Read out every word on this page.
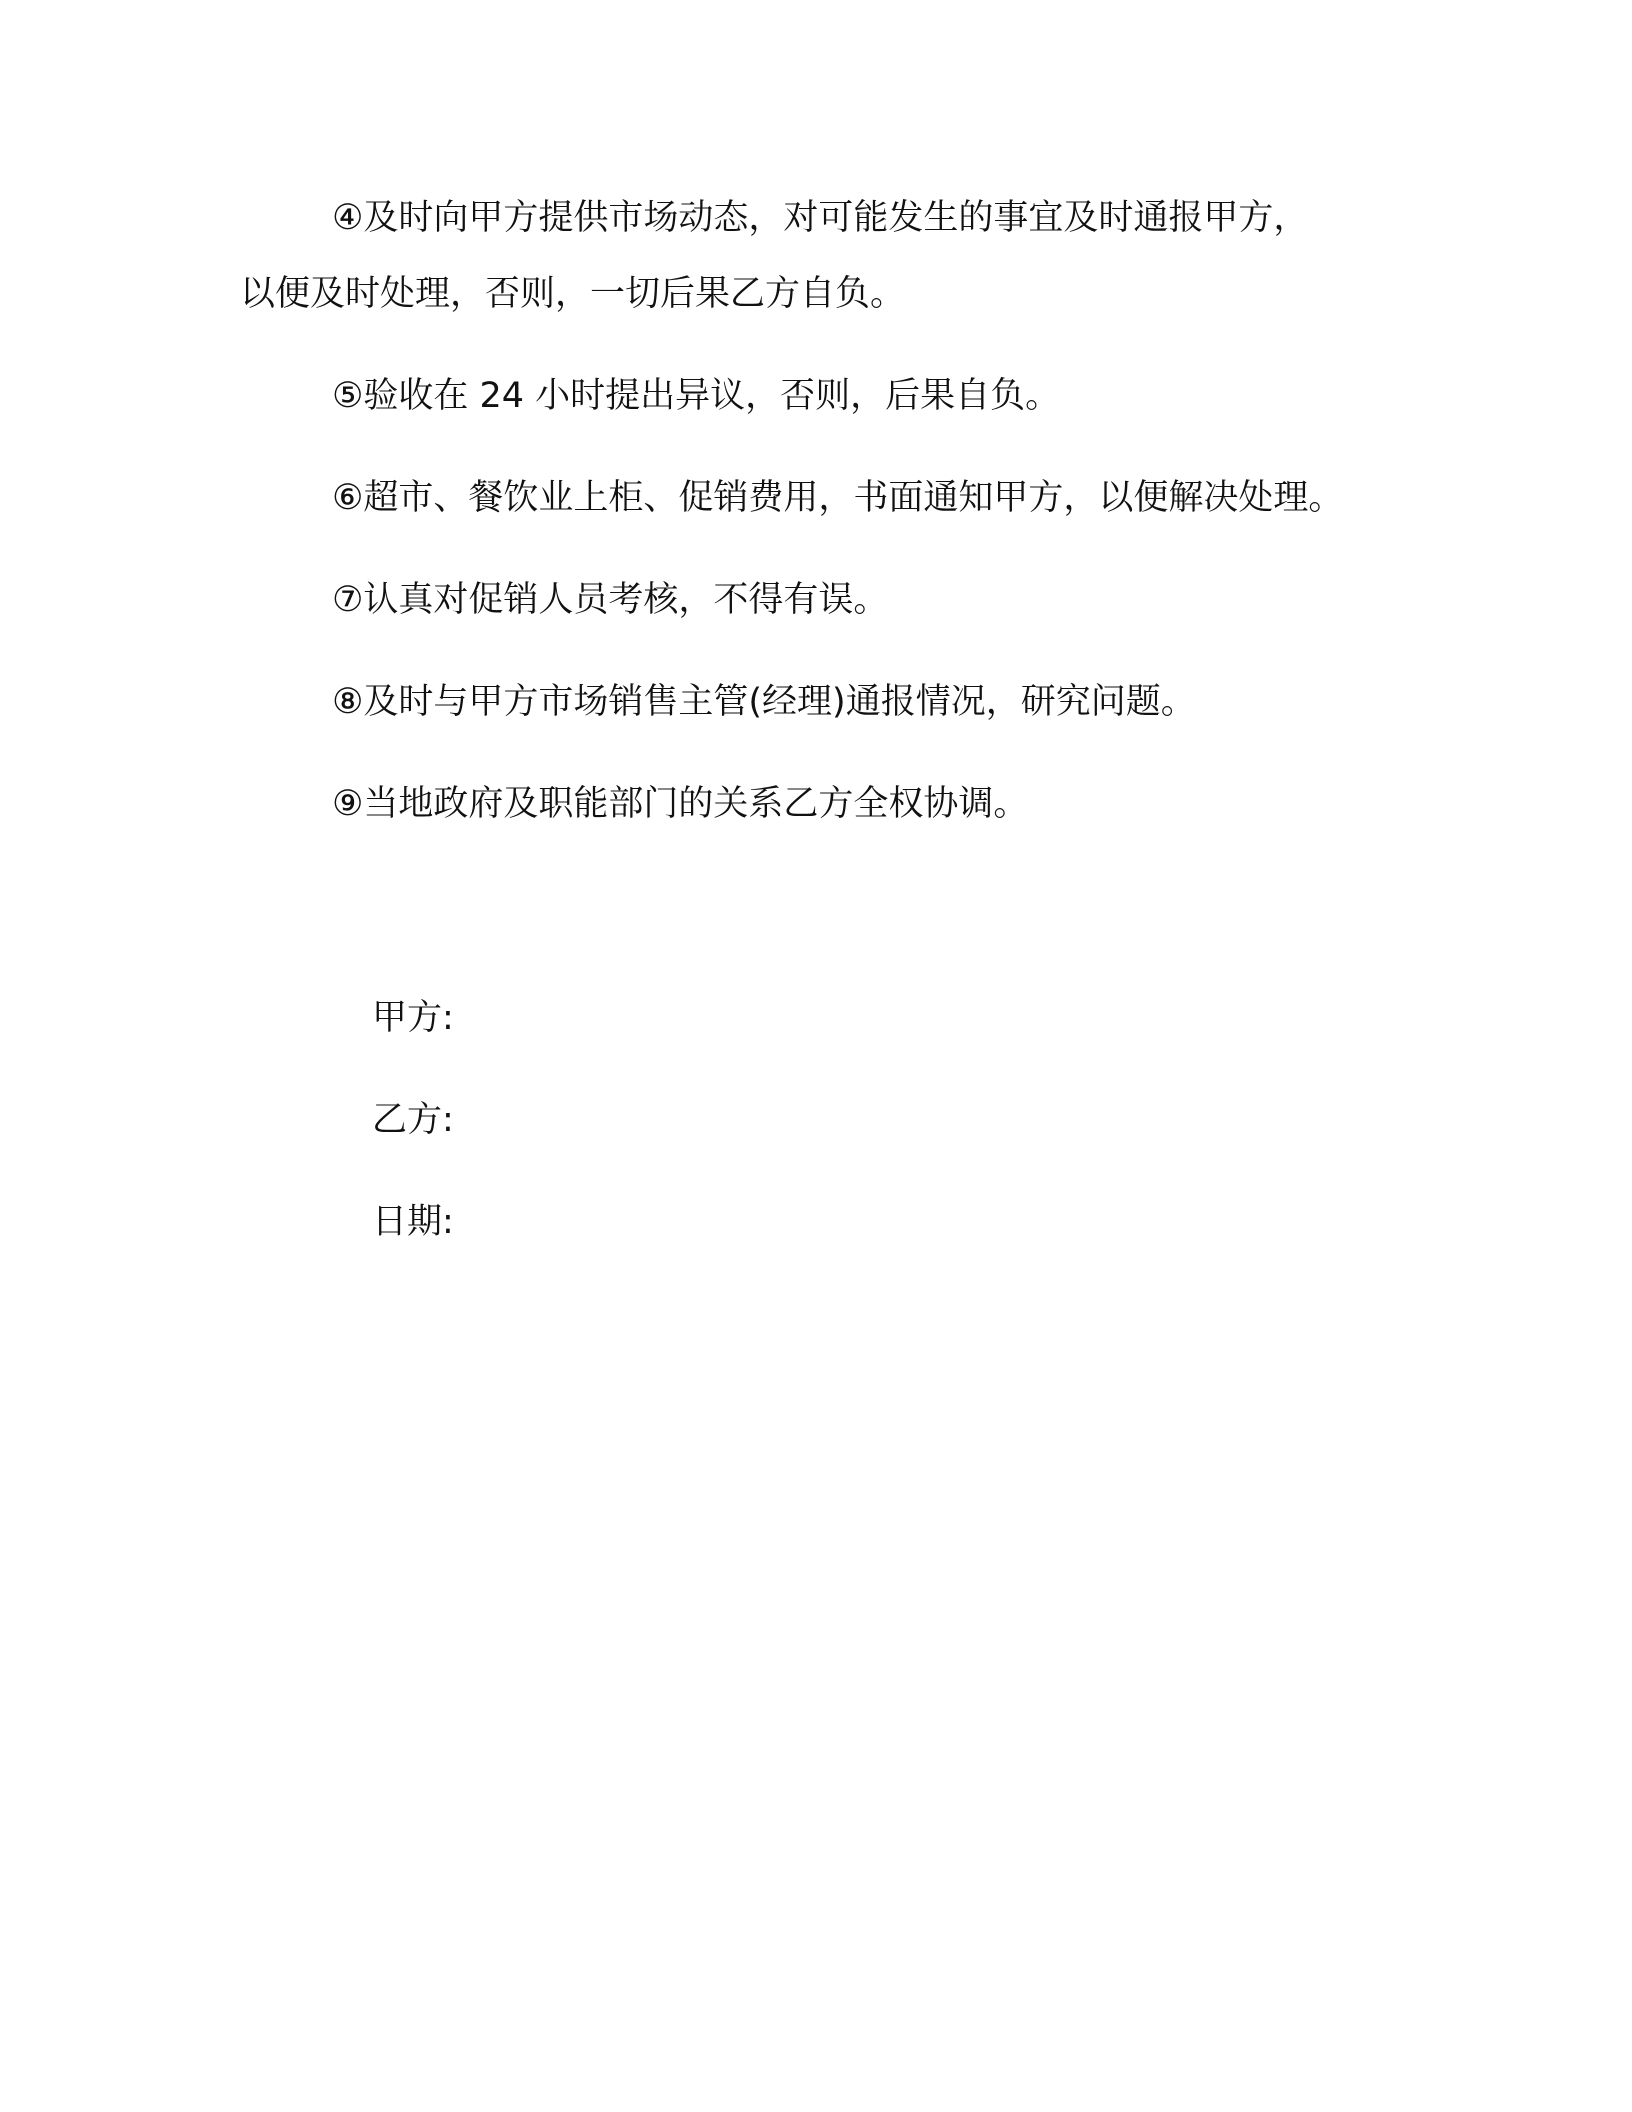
④及时向甲方提供市场动态，对可能发生的事宜及时通报甲方，
以便及时处理，否则，一切后果乙方自负。

⑤验收在 24 小时提出异议，否则，后果自负。

⑥超市、餐饮业上柜、促销费用，书面通知甲方，以便解决处理。

⑦认真对促销人员考核，不得有误。

⑧及时与甲方市场销售主管(经理)通报情况，研究问题。

⑨当地政府及职能部门的关系乙方全权协调。

甲方:

乙方:

日期:
